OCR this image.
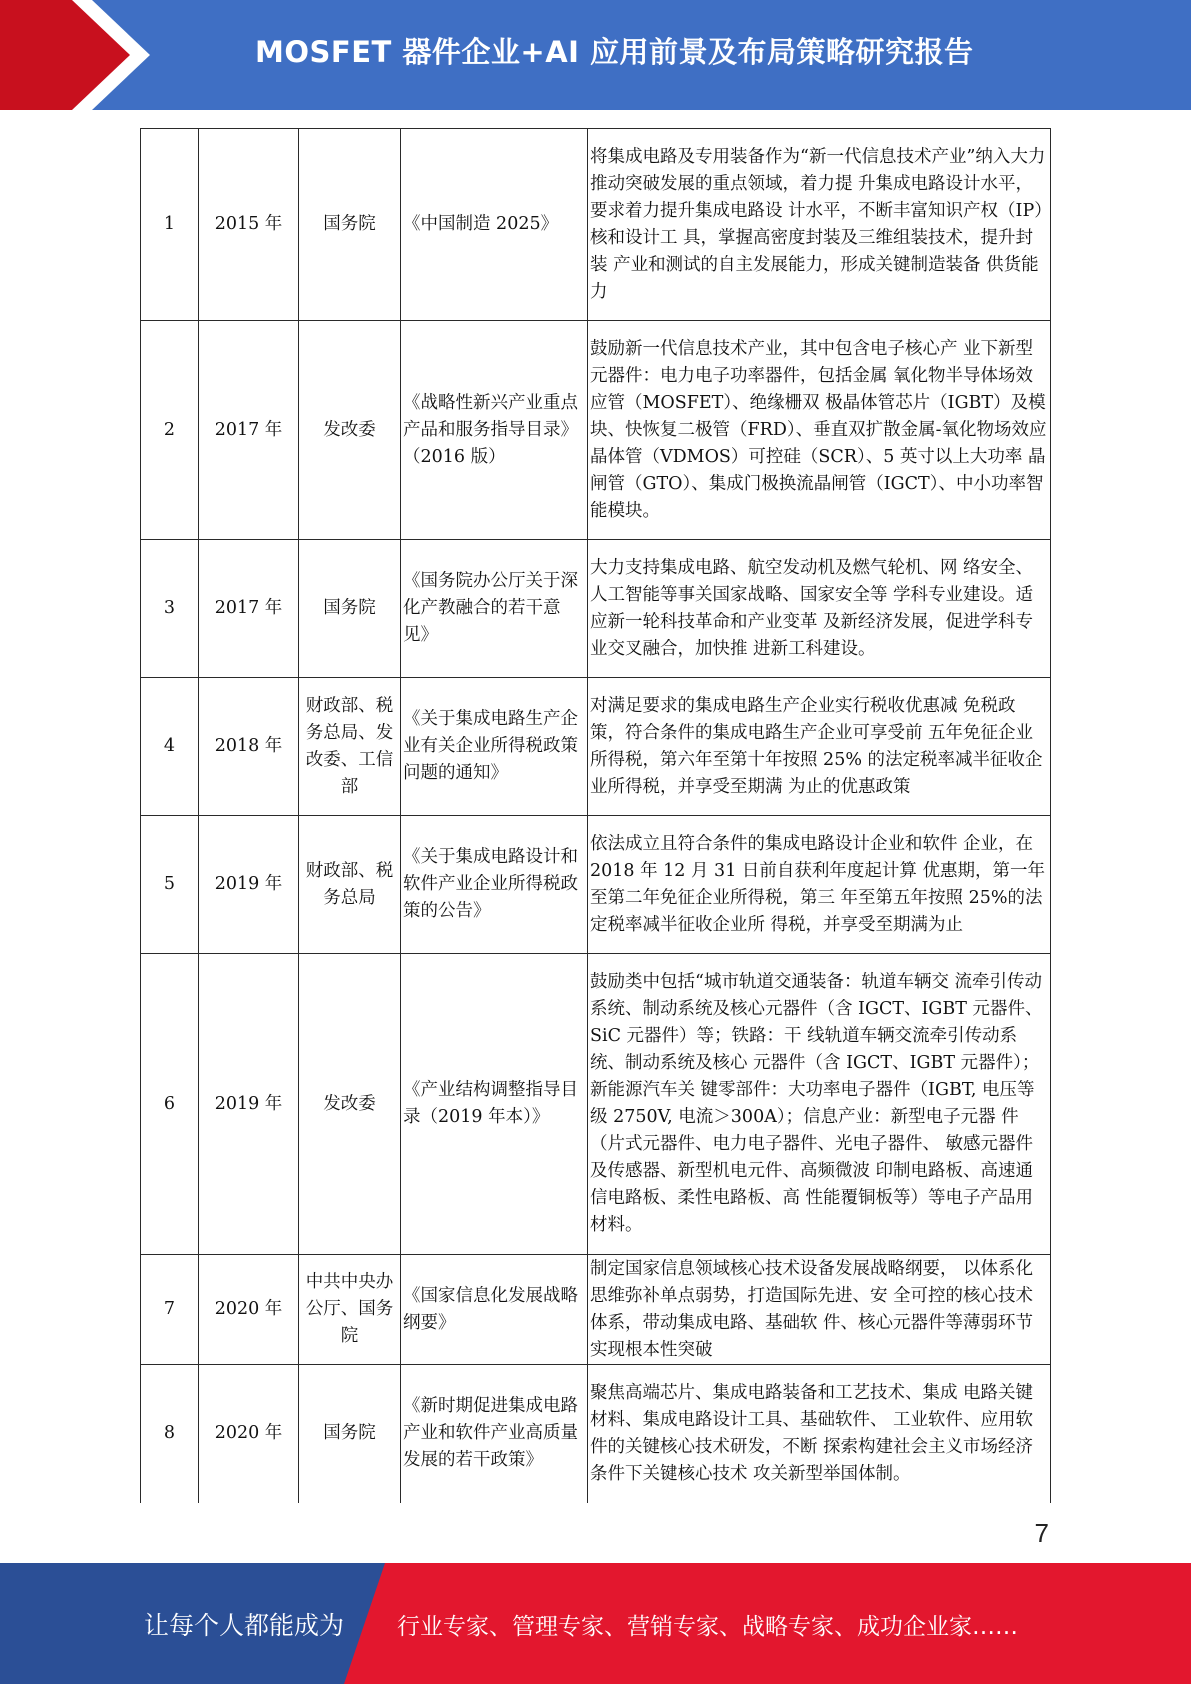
MOSFET 器件企业+AI 应用前景及布局策略研究报告
1	2015 年	国务院	《中国制造 2025》	将集成电路及专用装备作为“新一代信息技术产业”纳入大力推动突破发展的重点领域，着力提 升集成电路设计水平，要求着力提升集成电路设 计水平，不断丰富知识产权（IP）核和设计工 具，掌握高密度封装及三维组装技术，提升封装 产业和测试的自主发展能力，形成关键制造装备 供货能力
2	2017 年	发改委	《战略性新兴产业重点产品和服务指导目录》（2016 版）	鼓励新一代信息技术产业，其中包含电子核心产 业下新型元器件：电力电子功率器件，包括金属 氧化物半导体场效应管（MOSFET）、绝缘栅双 极晶体管芯片（IGBT）及模块、快恢复二极管（FRD）、垂直双扩散金属-氧化物场效应晶体管（VDMOS）可控硅（SCR）、5 英寸以上大功率 晶闸管（GTO）、集成门极换流晶闸管（IGCT）、中小功率智能模块。
3	2017 年	国务院	《国务院办公厅关于深化产教融合的若干意见》	大力支持集成电路、航空发动机及燃气轮机、网 络安全、人工智能等事关国家战略、国家安全等 学科专业建设。适应新一轮科技革命和产业变革 及新经济发展，促进学科专业交叉融合，加快推 进新工科建设。
4	2018 年	财政部、税务总局、发改委、工信部	《关于集成电路生产企业有关企业所得税政策问题的通知》	对满足要求的集成电路生产企业实行税收优惠减 免税政策，符合条件的集成电路生产企业可享受前 五年免征企业所得税，第六年至第十年按照 25% 的法定税率减半征收企业所得税，并享受至期满 为止的优惠政策
5	2019 年	财政部、税务总局	《关于集成电路设计和软件产业企业所得税政策的公告》	依法成立且符合条件的集成电路设计企业和软件 企业，在 2018 年 12 月 31 日前自获利年度起计算 优惠期，第一年至第二年免征企业所得税，第三 年至第五年按照 25%的法定税率减半征收企业所 得税，并享受至期满为止
6	2019 年	发改委	《产业结构调整指导目录（2019 年本）》	鼓励类中包括“城市轨道交通装备：轨道车辆交 流牵引传动系统、制动系统及核心元器件（含 IGCT、IGBT 元器件、SiC 元器件）等；铁路：干 线轨道车辆交流牵引传动系统、制动系统及核心 元器件（含 IGCT、IGBT 元器件）；新能源汽车关 键零部件：大功率电子器件（IGBT, 电压等级 2750V, 电流＞300A）；信息产业：新型电子元器 件（片式元器件、电力电子器件、光电子器件、 敏感元器件及传感器、新型机电元件、高频微波 印制电路板、高速通信电路板、柔性电路板、高 性能覆铜板等）等电子产品用材料。
7	2020 年	中共中央办公厅、国务院	《国家信息化发展战略纲要》	制定国家信息领域核心技术设备发展战略纲要， 以体系化思维弥补单点弱势，打造国际先进、安 全可控的核心技术体系，带动集成电路、基础软 件、核心元器件等薄弱环节实现根本性突破
8	2020 年	国务院	《新时期促进集成电路产业和软件产业高质量发展的若干政策》	聚焦高端芯片、集成电路装备和工艺技术、集成 电路关键材料、集成电路设计工具、基础软件、 工业软件、应用软件的关键核心技术研发，不断 探索构建社会主义市场经济条件下关键核心技术 攻关新型举国体制。
7
让每个人都能成为 行业专家、管理专家、营销专家、战略专家、成功企业家……
